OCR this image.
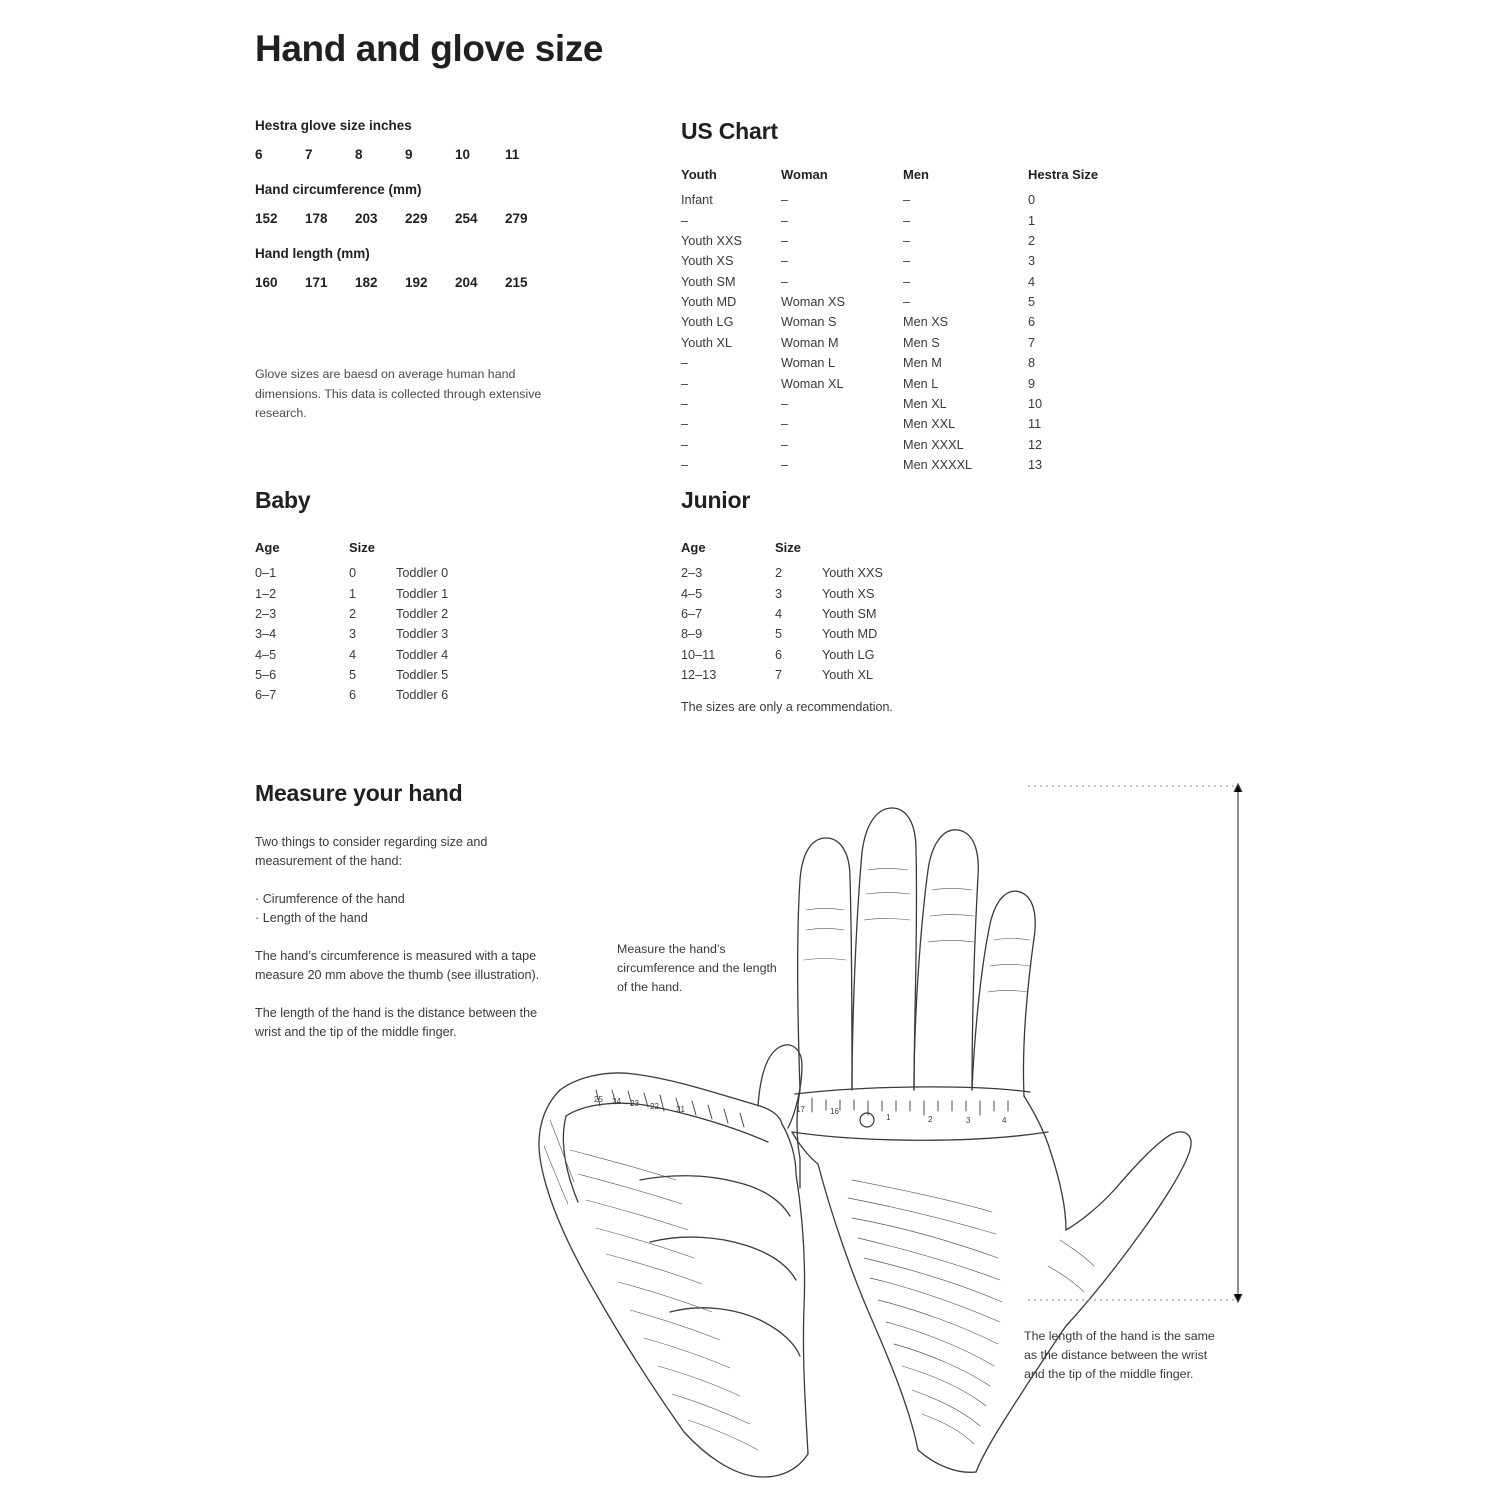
Hand and glove size
Hestra glove size inches
6	7	8	9	10	11
Hand circumference (mm)
152	178	203	229	254	279
Hand length (mm)
160	171	182	192	204	215
Glove sizes are baesd on average human hand dimensions. This data is collected through extensive research.
US Chart
Youth	Woman	Men	Hestra Size
Infant	–	–	0
–	–	–	1
Youth XXS	–	–	2
Youth XS	–	–	3
Youth SM	–	–	4
Youth MD	Woman XS	–	5
Youth LG	Woman S	Men XS	6
Youth XL	Woman M	Men S	7
–	Woman L	Men M	8
–	Woman XL	Men L	9
–	–	Men XL	10
–	–	Men XXL	11
–	–	Men XXXL	12
–	–	Men XXXXL	13
Baby
Age	Size	
0–1	0	Toddler 0
1–2	1	Toddler 1
2–3	2	Toddler 2
3–4	3	Toddler 3
4–5	4	Toddler 4
5–6	5	Toddler 5
6–7	6	Toddler 6
Junior
Age	Size	
2–3	2	Youth XXS
4–5	3	Youth XS
6–7	4	Youth SM
8–9	5	Youth MD
10–11	6	Youth LG
12–13	7	Youth XL
The sizes are only a recommendation.
Measure your hand

Two things to consider regarding size and measurement of the hand:

· Cirumference of the hand
· Length of the hand

The hand’s circumference is measured with a tape measure 20 mm above the thumb (see illustration).

The length of the hand is the distance between the wrist and the tip of the middle finger.

Measure the hand’s circumference and the length of the hand.
The length of the hand is the same as the distance between the wrist and the tip of the middle finger.
25 24 23 22 21	17	16
1	2	3	4
